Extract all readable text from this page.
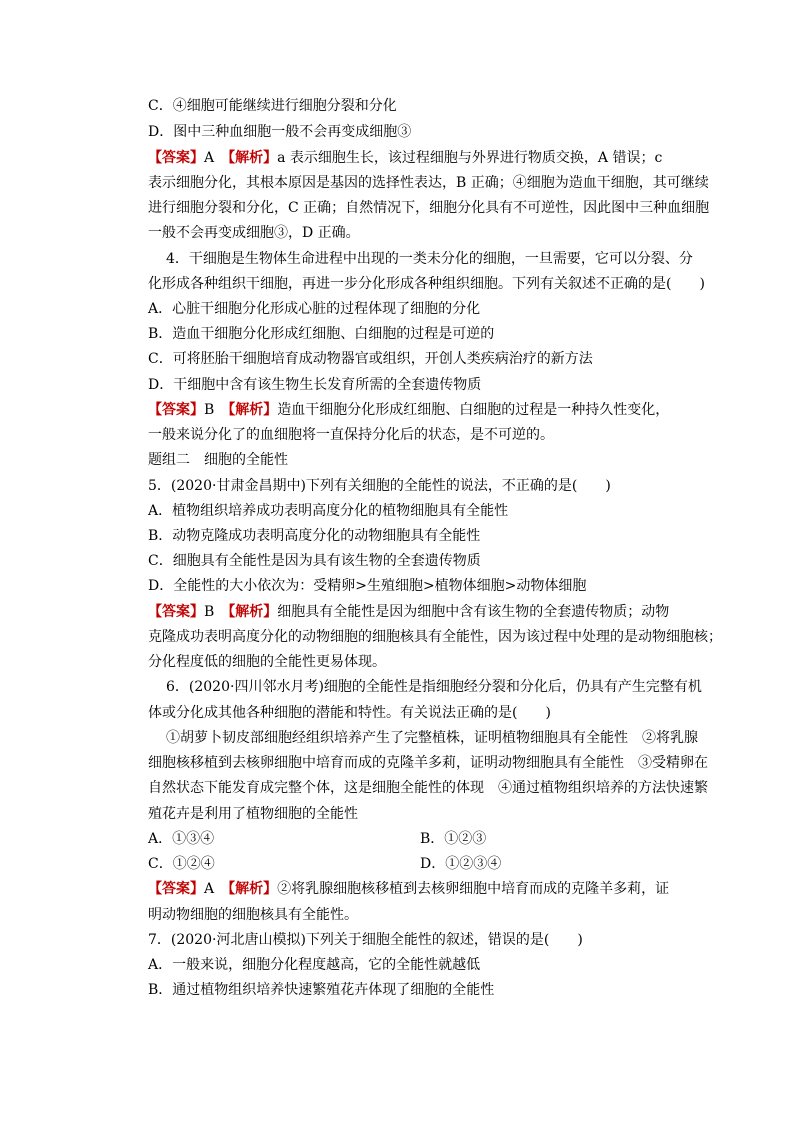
C．④细胞可能继续进行细胞分裂和分化
D．图中三种血细胞一般不会再变成细胞③
【答案】A　 【解析】a 表示细胞生长，该过程细胞与外界进行物质交换，A 错误；c
表示细胞分化，其根本原因是基因的选择性表达，B 正确；④细胞为造血干细胞，其可继续
进行细胞分裂和分化，C 正确；自然情况下，细胞分化具有不可逆性，因此图中三种血细胞
一般不会再变成细胞③，D 正确。
4．干细胞是生物体生命进程中出现的一类未分化的细胞，一旦需要，它可以分裂、分
化形成各种组织干细胞，再进一步分化形成各种组织细胞。下列有关叙述不正确的是(　　)
A．心脏干细胞分化形成心脏的过程体现了细胞的分化
B．造血干细胞分化形成红细胞、白细胞的过程是可逆的
C．可将胚胎干细胞培育成动物器官或组织，开创人类疾病治疗的新方法
D．干细胞中含有该生物生长发育所需的全套遗传物质
【答案】B　 【解析】造血干细胞分化形成红细胞、白细胞的过程是一种持久性变化，
一般来说分化了的血细胞将一直保持分化后的状态，是不可逆的。
题组二　细胞的全能性
5．(2020·甘肃金昌期中)下列有关细胞的全能性的说法，不正确的是(　　)
A．植物组织培养成功表明高度分化的植物细胞具有全能性
B．动物克隆成功表明高度分化的动物细胞具有全能性
C．细胞具有全能性是因为具有该生物的全套遗传物质
D．全能性的大小依次为：受精卵>生殖细胞>植物体细胞>动物体细胞
【答案】B　 【解析】细胞具有全能性是因为细胞中含有该生物的全套遗传物质；动物
克隆成功表明高度分化的动物细胞的细胞核具有全能性，因为该过程中处理的是动物细胞核；
分化程度低的细胞的全能性更易体现。
6．(2020·四川邻水月考)细胞的全能性是指细胞经分裂和分化后，仍具有产生完整有机
体或分化成其他各种细胞的潜能和特性。有关说法正确的是(　　)
①胡萝卜韧皮部细胞经组织培养产生了完整植株，证明植物细胞具有全能性　②将乳腺
细胞核移植到去核卵细胞中培育而成的克隆羊多莉，证明动物细胞具有全能性　③受精卵在
自然状态下能发育成完整个体，这是细胞全能性的体现　④通过植物组织培养的方法快速繁
殖花卉是利用了植物细胞的全能性
A．①③④	B．①②③
C．①②④	D．①②③④
【答案】A　 【解析】②将乳腺细胞核移植到去核卵细胞中培育而成的克隆羊多莉，证
明动物细胞的细胞核具有全能性。
7．(2020·河北唐山模拟)下列关于细胞全能性的叙述，错误的是(　　)
A．一般来说，细胞分化程度越高，它的全能性就越低
B．通过植物组织培养快速繁殖花卉体现了细胞的全能性
